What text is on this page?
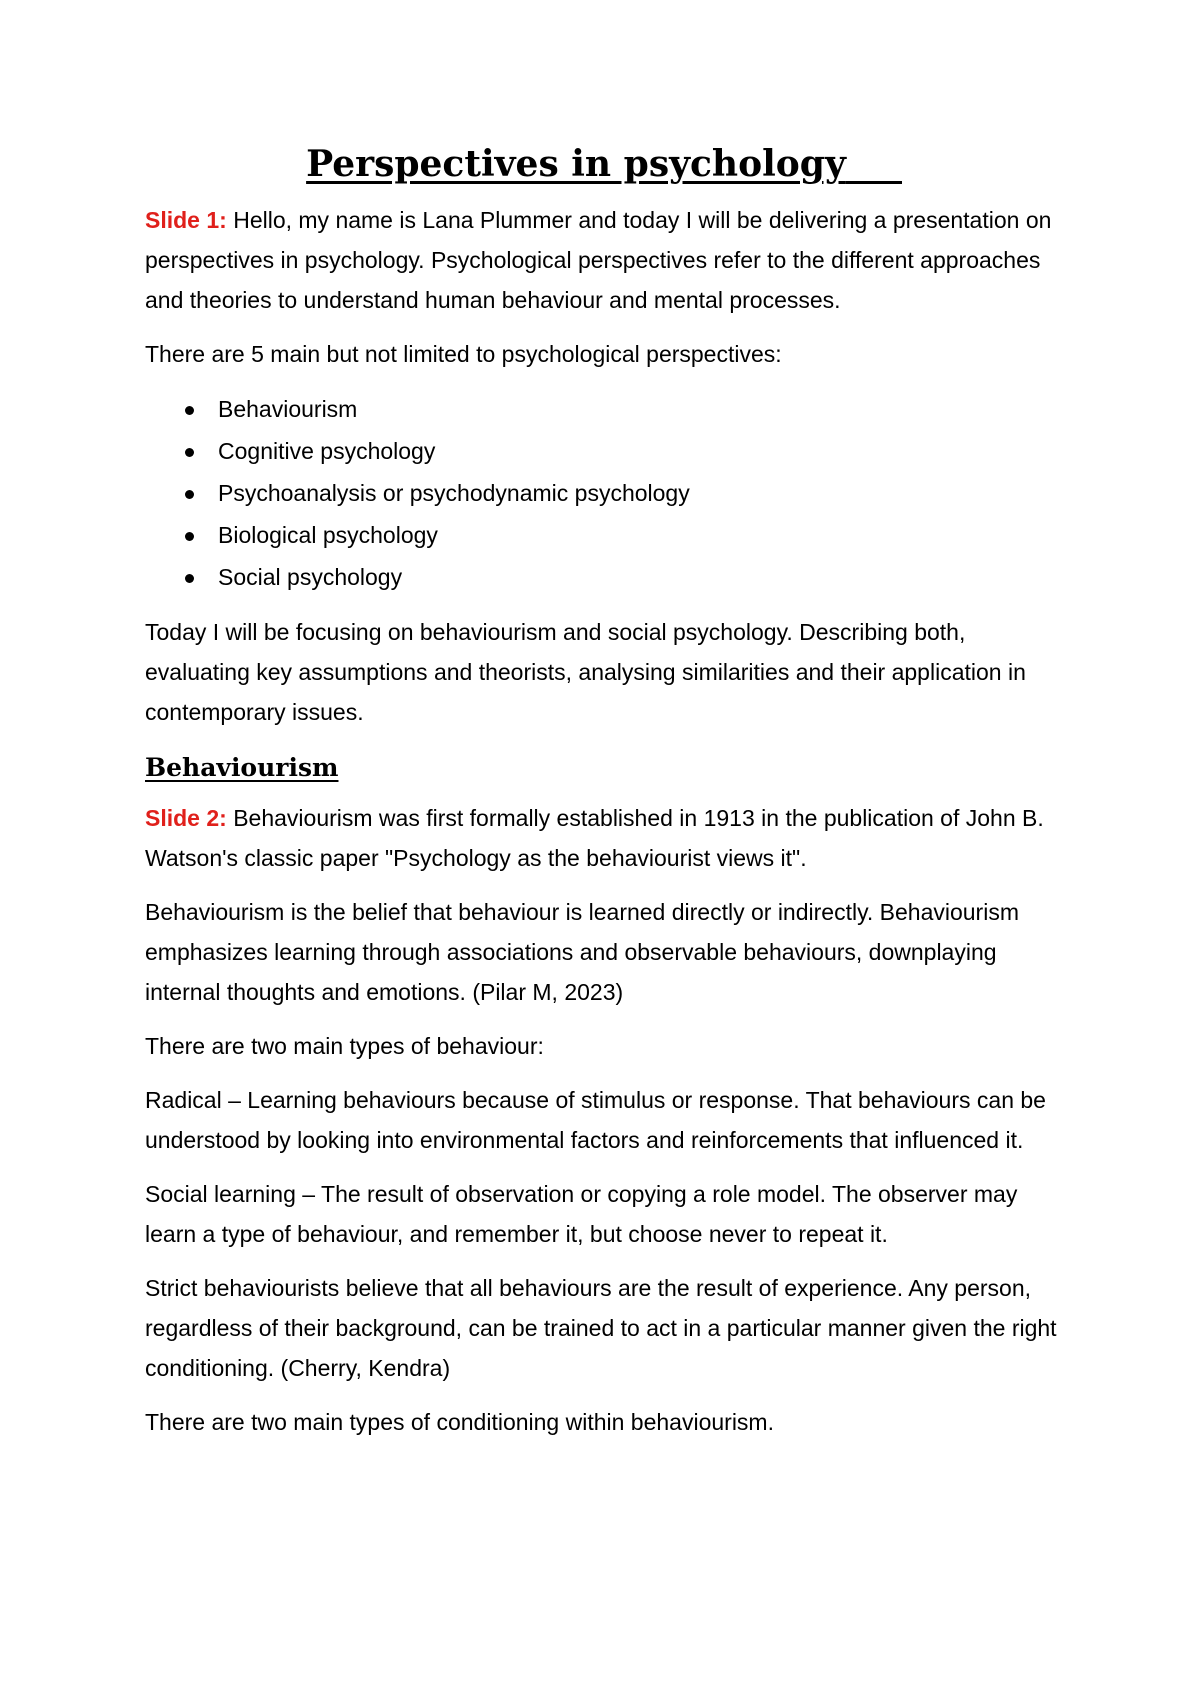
Perspectives in psychology

Slide 1: Hello, my name is Lana Plummer and today I will be delivering a presentation on perspectives in psychology. Psychological perspectives refer to the different approaches and theories to understand human behaviour and mental processes.

There are 5 main but not limited to psychological perspectives:

Behaviourism
Cognitive psychology
Psychoanalysis or psychodynamic psychology
Biological psychology
Social psychology

Today I will be focusing on behaviourism and social psychology. Describing both, evaluating key assumptions and theorists, analysing similarities and their application in contemporary issues.

Behaviourism

Slide 2: Behaviourism was first formally established in 1913 in the publication of John B. Watson's classic paper "Psychology as the behaviourist views it".

Behaviourism is the belief that behaviour is learned directly or indirectly. Behaviourism emphasizes learning through associations and observable behaviours, downplaying internal thoughts and emotions. (Pilar M, 2023)

There are two main types of behaviour:

Radical – Learning behaviours because of stimulus or response. That behaviours can be understood by looking into environmental factors and reinforcements that influenced it.

Social learning – The result of observation or copying a role model. The observer may learn a type of behaviour, and remember it, but choose never to repeat it.

Strict behaviourists believe that all behaviours are the result of experience. Any person, regardless of their background, can be trained to act in a particular manner given the right conditioning. (Cherry, Kendra)

There are two main types of conditioning within behaviourism.
